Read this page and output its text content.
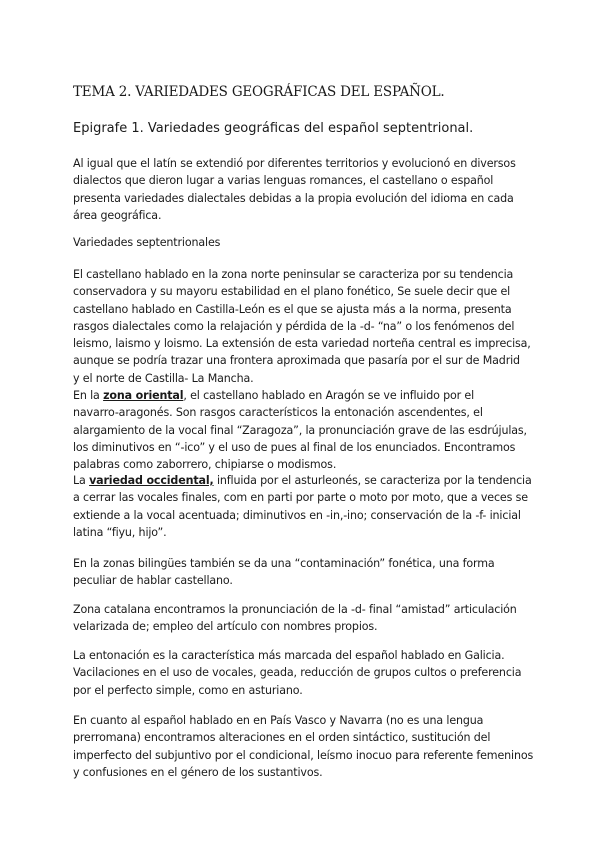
TEMA 2. VARIEDADES GEOGRÁFICAS DEL ESPAÑOL.
Epigrafe 1. Variedades geográficas del español septentrional.

Al igual que el latín se extendió por diferentes territorios y evolucionó en diversos
dialectos que dieron lugar a varias lenguas romances, el castellano o español
presenta variedades dialectales debidas a la propia evolución del idioma en cada
área geográfica.

Variedades septentrionales

El castellano hablado en la zona norte peninsular se caracteriza por su tendencia
conservadora y su mayoru estabilidad en el plano fonético, Se suele decir que el
castellano hablado en Castilla-León es el que se ajusta más a la norma, presenta
rasgos dialectales como la relajación y pérdida de la -d- “na” o los fenómenos del
leismo, laismo y loismo. La extensión de esta variedad norteña central es imprecisa,
aunque se podría trazar una frontera aproximada que pasaría por el sur de Madrid
y el norte de Castilla- La Mancha.
En la zona oriental, el castellano hablado en Aragón se ve influido por el
navarro-aragonés. Son rasgos característicos la entonación ascendentes, el
alargamiento de la vocal final “Zaragoza”, la pronunciación grave de las esdrújulas,
los diminutivos en “-ico” y el uso de pues al final de los enunciados. Encontramos
palabras como zaborrero, chipiarse o modismos.

La variedad occidental, influida por el asturleonés, se caracteriza por la tendencia
a cerrar las vocales finales, com en parti por parte o moto por moto, que a veces se
extiende a la vocal acentuada; diminutivos en -in,-ino; conservación de la -f- inicial
latina “fiyu, hijo”.

En la zonas bilingües también se da una “contaminación” fonética, una forma
peculiar de hablar castellano.

Zona catalana encontramos la pronunciación de la -d- final “amistad” articulación
velarizada de; empleo del artículo con nombres propios.

La entonación es la característica más marcada del español hablado en Galicia.
Vacilaciones en el uso de vocales, geada, reducción de grupos cultos o preferencia
por el perfecto simple, como en asturiano.

En cuanto al español hablado en en País Vasco y Navarra (no es una lengua
prerromana) encontramos alteraciones en el orden sintáctico, sustitución del
imperfecto del subjuntivo por el condicional, leísmo inocuo para referente femeninos
y confusiones en el género de los sustantivos.
